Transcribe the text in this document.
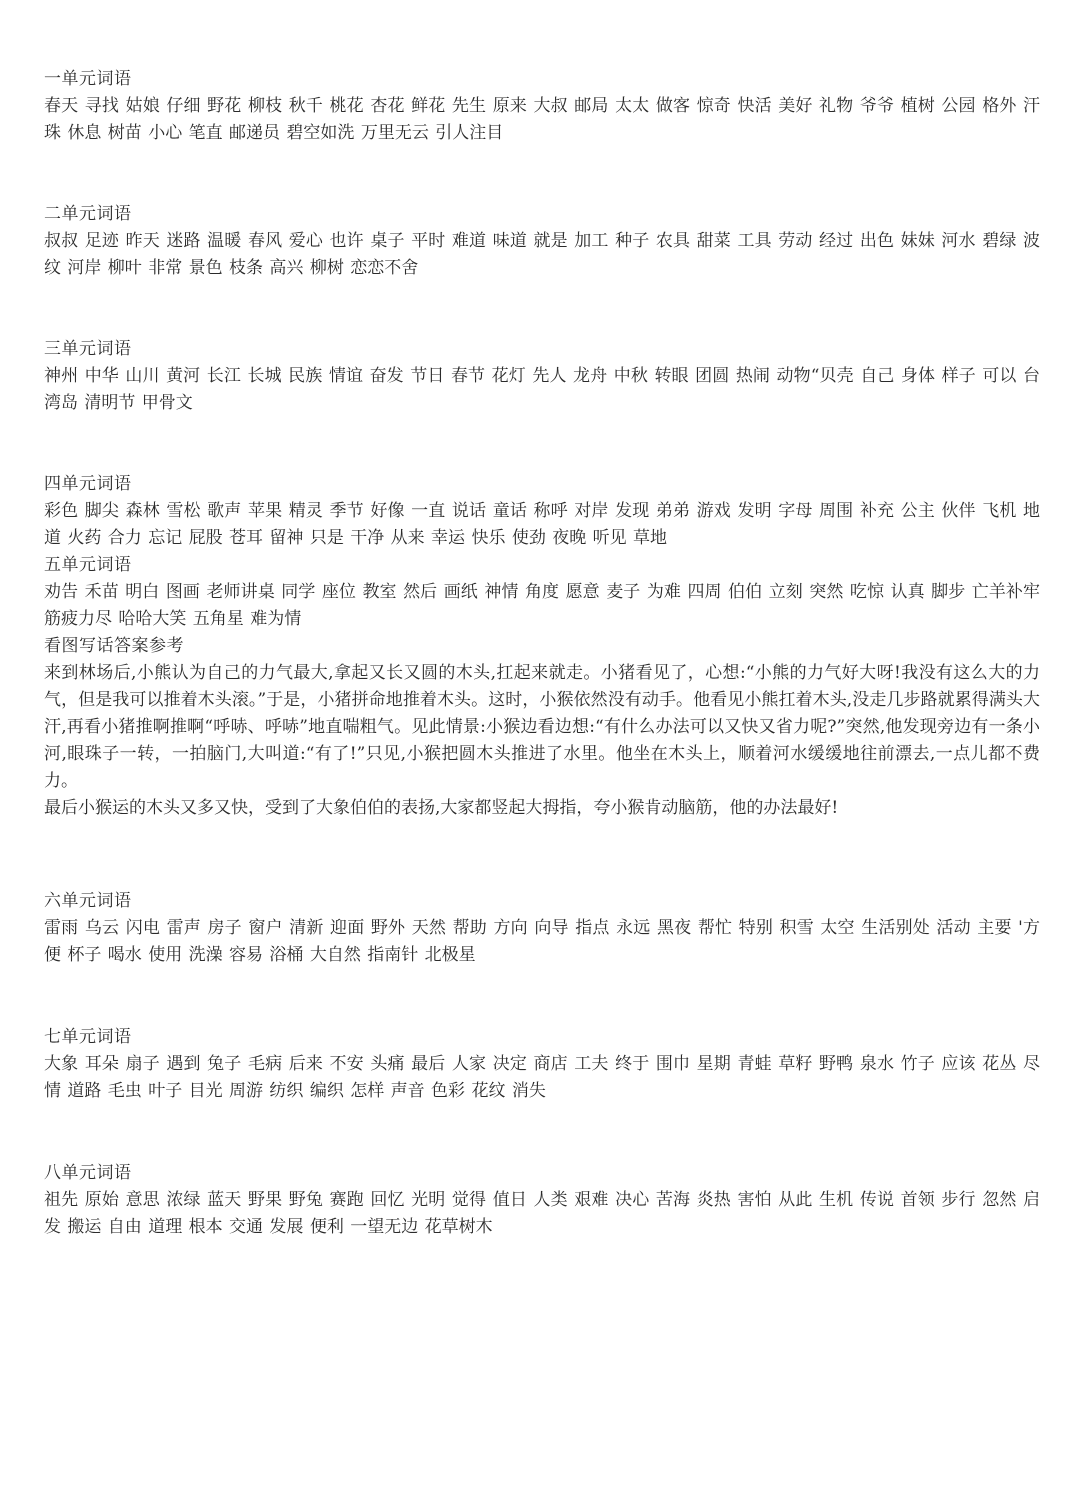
一单元词语
春天 寻找 姑娘 仔细 野花 柳枝 秋千 桃花 杏花 鲜花 先生 原来 大叔 邮局 太太 做客 惊奇 快活 美好 礼物 爷爷 植树 公园 格外 汗珠 休息 树苗 小心 笔直 邮递员 碧空如洗 万里无云 引人注目
二单元词语
叔叔 足迹 昨天 迷路 温暖 春风 爱心 也许 桌子 平时 难道 味道 就是 加工 种子 农具 甜菜 工具 劳动 经过 出色 妹妹 河水 碧绿 波纹 河岸 柳叶 非常 景色 枝条 高兴 柳树 恋恋不舍
三单元词语
神州 中华 山川 黄河 长江 长城 民族 情谊 奋发 节日 春节 花灯 先人 龙舟 中秋 转眼 团圆 热闹 动物“贝壳 自己 身体 样子 可以 台湾岛 清明节 甲骨文
四单元词语
彩色 脚尖 森林 雪松 歌声 苹果 精灵 季节 好像 一直 说话 童话 称呼 对岸 发现 弟弟 游戏 发明 字母 周围 补充 公主 伙伴 飞机 地道 火药 合力 忘记 屁股 苍耳 留神 只是 干净 从来 幸运 快乐 使劲 夜晚 听见 草地
五单元词语
劝告 禾苗 明白 图画 老师讲桌 同学 座位 教室 然后 画纸 神情 角度 愿意 麦子 为难 四周 伯伯 立刻 突然 吃惊 认真 脚步 亡羊补牢 筋疲力尽 哈哈大笑 五角星 难为情
看图写话答案参考
来到林场后,小熊认为自己的力气最大,拿起又长又圆的木头,扛起来就走。小猪看见了，心想:“小熊的力气好大呀!我没有这么大的力气，但是我可以推着木头滚。”于是，小猪拼命地推着木头。这时，小猴依然没有动手。他看见小熊扛着木头,没走几步路就累得满头大汗,再看小猪推啊推啊“呼哧、呼哧”地直喘粗气。见此情景:小猴边看边想:“有什么办法可以又快又省力呢?”突然,他发现旁边有一条小河,眼珠子一转，一拍脑门,大叫道:“有了!”只见,小猴把圆木头推进了水里。他坐在木头上，顺着河水缓缓地往前漂去,一点儿都不费力。
最后小猴运的木头又多又快，受到了大象伯伯的表扬,大家都竖起大拇指，夸小猴肯动脑筋，他的办法最好!
六单元词语
雷雨 乌云 闪电 雷声 房子 窗户 清新 迎面 野外 天然 帮助 方向 向导 指点 永远 黑夜 帮忙 特别 积雪 太空 生活别处 活动 主要 '方便 杯子 喝水 使用 洗澡 容易 浴桶 大自然 指南针 北极星
七单元词语
大象 耳朵 扇子 遇到 兔子 毛病 后来 不安 头痛 最后 人家 决定 商店 工夫 终于 围巾 星期 青蛙 草籽 野鸭 泉水 竹子 应该 花丛 尽情 道路 毛虫 叶子 目光 周游 纺织 编织 怎样 声音 色彩 花纹 消失
八单元词语
祖先 原始 意思 浓绿 蓝天 野果 野兔 赛跑 回忆 光明 觉得 值日 人类 艰难 决心 苦海 炎热 害怕 从此 生机 传说 首领 步行 忽然 启发 搬运 自由 道理 根本 交通 发展 便利 一望无边 花草树木
